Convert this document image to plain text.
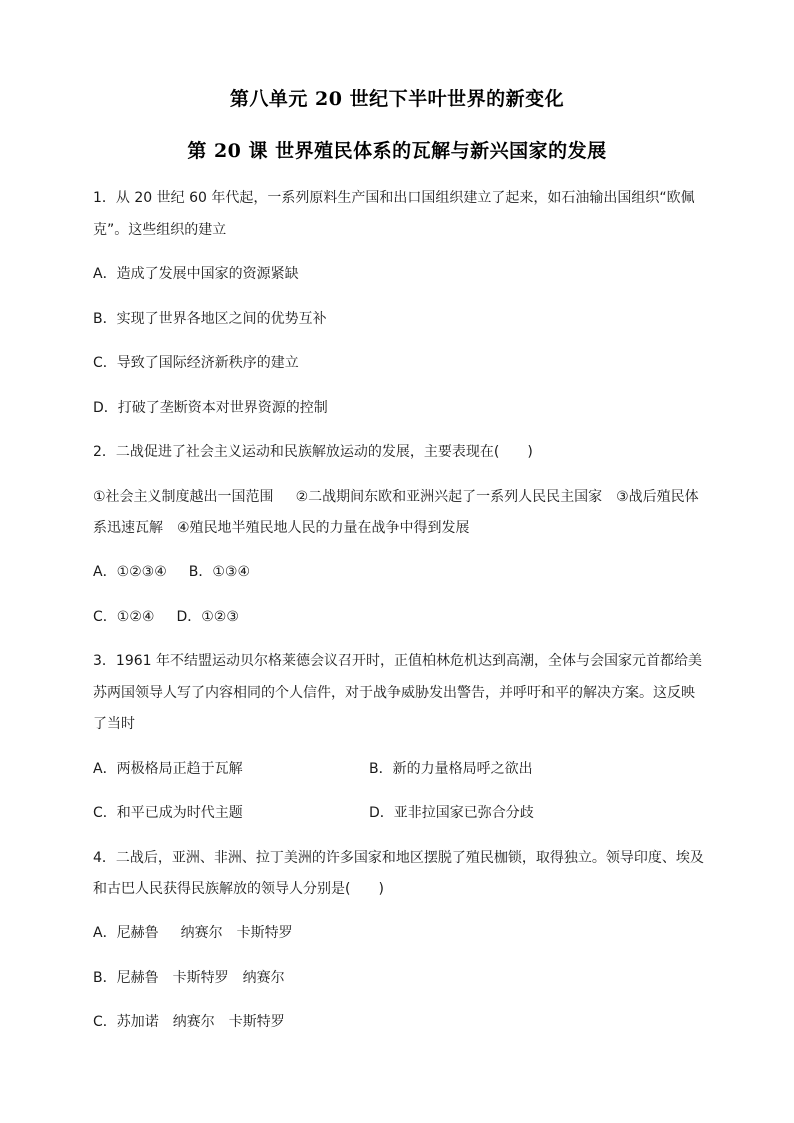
第八单元 20 世纪下半叶世界的新变化
第 20 课 世界殖民体系的瓦解与新兴国家的发展
1．从 20 世纪 60 年代起，一系列原料生产国和出口国组织建立了起来，如石油输出国组织“欧佩
克”。这些组织的建立
A．造成了发展中国家的资源紧缺
B．实现了世界各地区之间的优势互补
C．导致了国际经济新秩序的建立
D．打破了垄断资本对世界资源的控制
2．二战促进了社会主义运动和民族解放运动的发展，主要表现在(　　)
①社会主义制度越出一国范围 ②二战期间东欧和亚洲兴起了一系列人民民主国家 ③战后殖民体
系迅速瓦解 ④殖民地半殖民地人民的力量在战争中得到发展
A．①②③④ B．①③④
C．①②④ D．①②③
3．1961 年不结盟运动贝尔格莱德会议召开时，正值柏林危机达到高潮，全体与会国家元首都给美
苏两国领导人写了内容相同的个人信件，对于战争威胁发出警告，并呼吁和平的解决方案。这反映
了当时
A．两极格局正趋于瓦解	B．新的力量格局呼之欲出
C．和平已成为时代主题	D．亚非拉国家已弥合分歧
4．二战后，亚洲、非洲、拉丁美洲的许多国家和地区摆脱了殖民枷锁，取得独立。领导印度、埃及
和古巴人民获得民族解放的领导人分别是(　　)
A．尼赫鲁 纳赛尔 卡斯特罗
B．尼赫鲁 卡斯特罗 纳赛尔
C．苏加诺 纳赛尔 卡斯特罗
